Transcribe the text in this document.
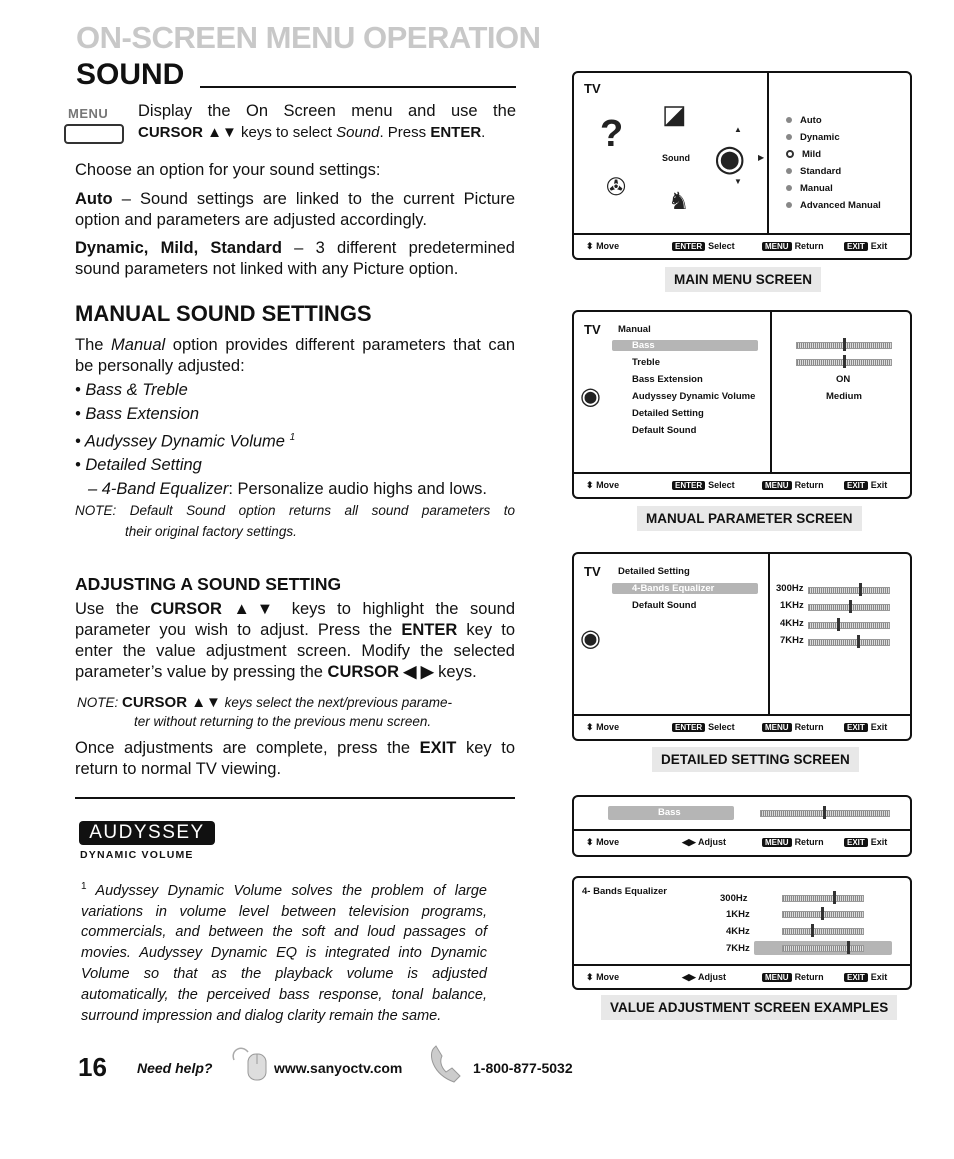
ON-SCREEN MENU OPERATION
SOUND
MENU Display the On Screen menu and use the
CURSOR ▲▼ keys to select Sound. Press ENTER.
Choose an option for your sound settings:
Auto – Sound settings are linked to the current Picture option and parameters are adjusted accordingly.
Dynamic, Mild, Standard – 3 different predetermined sound parameters not linked with any Picture option.
MANUAL SOUND SETTINGS
The Manual option provides different parameters that can be personally adjusted:
• Bass & Treble
• Bass Extension
• Audyssey Dynamic Volume $^1$
• Detailed Setting
– 4-Band Equalizer: Personalize audio highs and lows.
NOTE: Default Sound option returns all sound parameters to
their original factory settings.
ADJUSTING A SOUND SETTING
Use the CURSOR ▲▼ keys to highlight the sound
parameter you wish to adjust. Press the ENTER key to
enter the value adjustment screen. Modify the selected
parameter’s value by pressing the CURSOR ◀ ▶ keys.
NOTE: CURSOR ▲▼ keys select the next/previous parame-
ter without returning to the previous menu screen.
Once adjustments are complete, press the EXIT key to
return to normal TV viewing.
AUDYSSEY
DYNAMIC VOLUME
$^1$ Audyssey Dynamic Volume solves the problem of large variations in volume level between television programs, commercials, and between the soft and loud passages of movies. Audyssey Dynamic EQ is integrated into Dynamic Volume so that as the playback volume is adjusted automatically, the perceived bass response, tonal balance, surround impression and dialog clarity remain the same.
16 Need help?	www.sanyoctv.com	1-800-877-5032
TV
? ◪
✇
♞
Sound ◉
▲
▼
▶
Auto
Dynamic
Mild
Standard
Manual
Advanced Manual
⬍ Move	ENTER Select	MENU Return	EXIT Exit
MAIN MENU SCREEN
TV Manual
Bass
Treble
Bass Extension
Audyssey Dynamic Volume
Detailed Setting
Default Sound
◉
ON
Medium
⬍ Move	ENTER Select	MENU Return	EXIT Exit
MANUAL PARAMETER SCREEN
TV Detailed Setting
4-Bands Equalizer
Default Sound
◉
300Hz
1KHz
4KHz
7KHz
⬍ Move	ENTER Select	MENU Return	EXIT Exit
DETAILED SETTING SCREEN
Bass
⬍ Move	◀▶ Adjust	MENU Return	EXIT Exit
4- Bands Equalizer
300Hz
1KHz
4KHz
7KHz
⬍ Move	◀▶ Adjust	MENU Return	EXIT Exit
VALUE ADJUSTMENT SCREEN EXAMPLES
